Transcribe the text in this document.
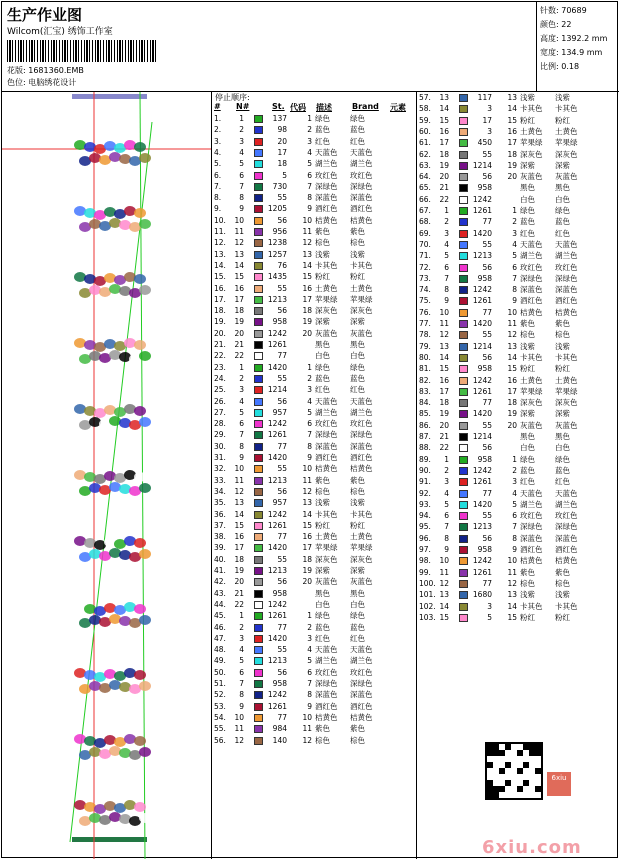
生产作业图
Wilcom(汇宝) 绣饰工作室
花版: 1681360.EMB
色位: 电脑绣花设计
针数: 70689
颜色: 22
高度: 1392.2 mm
宽度: 134.9 mm
比例: 0.18
停止顺序:
# N#	St. 代码 描述	Brand 元素
1.	1	137	1 绿色	绿色
2.	2	98	2 蓝色	蓝色
3.	3	20	3 红色	红色
4.	4	17	4 天蓝色	天蓝色
5.	5	18	5 湖兰色	湖兰色
6.	6	5	6 玫红色	玫红色
7.	7	730	7 深绿色	深绿色
8.	8	55	8 深蓝色	深蓝色
9.	9	1205	9 酒红色	酒红色
10.	10	56	10 桔黄色	桔黄色
11.	11	956	11 紫色	紫色
12.	12	1238	12 棕色	棕色
13.	13	1257	13 浅紫	浅紫
14.	14	76	14 卡其色	卡其色
15.	15	1435	15 粉红	粉红
16.	16	55	16 土黄色	土黄色
17.	17	1213	17 苹果绿	苹果绿
18.	18	56	18 深灰色	深灰色
19.	19	958	19 深紫	深紫
20.	20	1242	20 灰蓝色	灰蓝色
21.	21	1261	黑色	黑色
22.	22	77	白色	白色
23.	1	1420	1 绿色	绿色
24.	2	55	2 蓝色	蓝色
25.	3	1214	3 红色	红色
26.	4	56	4 天蓝色	天蓝色
27.	5	957	5 湖兰色	湖兰色
28.	6	1242	6 玫红色	玫红色
29.	7	1261	7 深绿色	深绿色
30.	8	77	8 深蓝色	深蓝色
31.	9	1420	9 酒红色	酒红色
32.	10	55	10 桔黄色	桔黄色
33.	11	1213	11 紫色	紫色
34.	12	56	12 棕色	棕色
35.	13	957	13 浅紫	浅紫
36.	14	1242	14 卡其色	卡其色
37.	15	1261	15 粉红	粉红
38.	16	77	16 土黄色	土黄色
39.	17	1420	17 苹果绿	苹果绿
40.	18	55	18 深灰色	深灰色
41.	19	1213	19 深紫	深紫
42.	20	56	20 灰蓝色	灰蓝色
43.	21	958	黑色	黑色
44.	22	1242	白色	白色
45.	1	1261	1 绿色	绿色
46.	2	77	2 蓝色	蓝色
47.	3	1420	3 红色	红色
48.	4	55	4 天蓝色	天蓝色
49.	5	1213	5 湖兰色	湖兰色
50.	6	56	6 玫红色	玫红色
51.	7	958	7 深绿色	深绿色
52.	8	1242	8 深蓝色	深蓝色
53.	9	1261	9 酒红色	酒红色
54.	10	77	10 桔黄色	桔黄色
55.	11	984	11 紫色	紫色
56.	12	140	12 棕色	棕色
57.	13	117	13 浅紫	浅紫
58.	14	3	14 卡其色	卡其色
59.	15	17	15 粉红	粉红
60.	16	3	16 土黄色	土黄色
61.	17	450	17 苹果绿	苹果绿
62.	18	55	18 深灰色	深灰色
63.	19	1214	19 深紫	深紫
64.	20	56	20 灰蓝色	灰蓝色
65.	21	958	黑色	黑色
66.	22	1242	白色	白色
67.	1	1261	1 绿色	绿色
68.	2	77	2 蓝色	蓝色
69.	3	1420	3 红色	红色
70.	4	55	4 天蓝色	天蓝色
71.	5	1213	5 湖兰色	湖兰色
72.	6	56	6 玫红色	玫红色
73.	7	958	7 深绿色	深绿色
74.	8	1242	8 深蓝色	深蓝色
75.	9	1261	9 酒红色	酒红色
76.	10	77	10 桔黄色	桔黄色
77.	11	1420	11 紫色	紫色
78.	12	55	12 棕色	棕色
79.	13	1214	13 浅紫	浅紫
80.	14	56	14 卡其色	卡其色
81.	15	958	15 粉红	粉红
82.	16	1242	16 土黄色	土黄色
83.	17	1261	17 苹果绿	苹果绿
84.	18	77	18 深灰色	深灰色
85.	19	1420	19 深紫	深紫
86.	20	55	20 灰蓝色	灰蓝色
87.	21	1214	黑色	黑色
88.	22	56	白色	白色
89.	1	958	1 绿色	绿色
90.	2	1242	2 蓝色	蓝色
91.	3	1261	3 红色	红色
92.	4	77	4 天蓝色	天蓝色
93.	5	1420	5 湖兰色	湖兰色
94.	6	55	6 玫红色	玫红色
95.	7	1213	7 深绿色	深绿色
96.	8	56	8 深蓝色	深蓝色
97.	9	958	9 酒红色	酒红色
98.	10	1242	10 桔黄色	桔黄色
99.	11	1261	11 紫色	紫色
100. 12	77	12 棕色	棕色
101. 13	1680	13 浅紫	浅紫
102. 14	3	14 卡其色	卡其色
103. 15	5	15 粉红	粉红
6xiu
6xiu.com
